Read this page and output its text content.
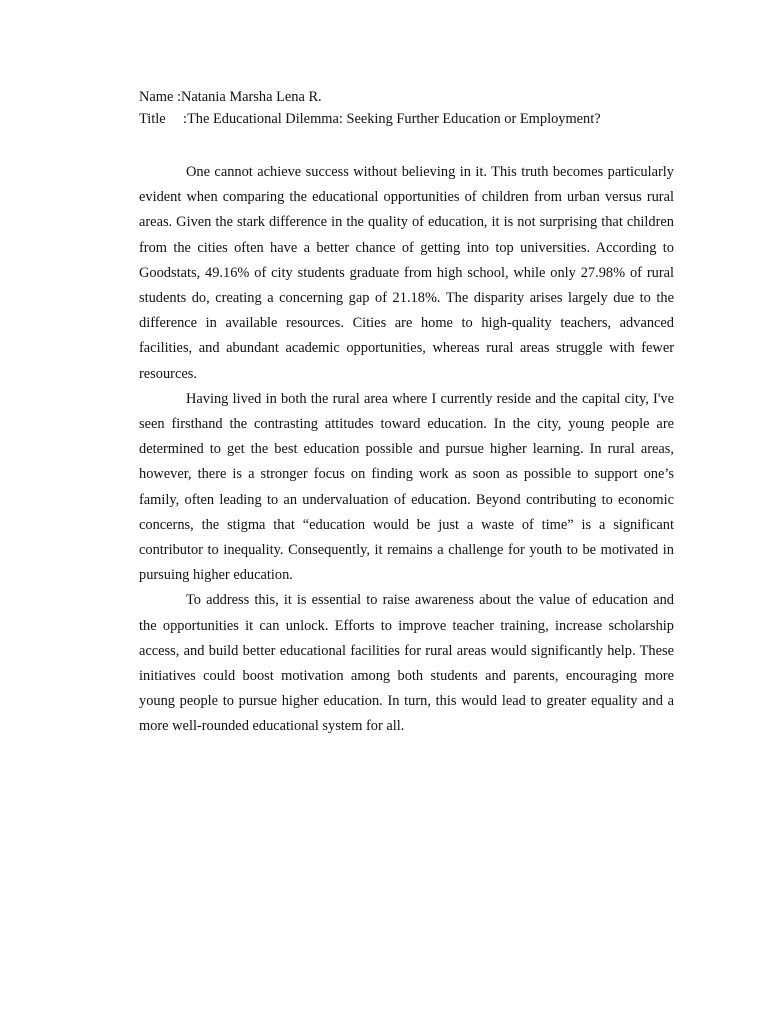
Name :Natania Marsha Lena R.

Title :The Educational Dilemma: Seeking Further Education or Employment?

One cannot achieve success without believing in it. This truth becomes particularly evident when comparing the educational opportunities of children from urban versus rural areas. Given the stark difference in the quality of education, it is not surprising that children from the cities often have a better chance of getting into top universities. According to Goodstats, 49.16% of city students graduate from high school, while only 27.98% of rural students do, creating a concerning gap of 21.18%. The disparity arises largely due to the difference in available resources. Cities are home to high-quality teachers, advanced facilities, and abundant academic opportunities, whereas rural areas struggle with fewer resources.

Having lived in both the rural area where I currently reside and the capital city, I've seen firsthand the contrasting attitudes toward education. In the city, young people are determined to get the best education possible and pursue higher learning. In rural areas, however, there is a stronger focus on finding work as soon as possible to support one’s family, often leading to an undervaluation of education. Beyond contributing to economic concerns, the stigma that “education would be just a waste of time” is a significant contributor to inequality. Consequently, it remains a challenge for youth to be motivated in pursuing higher education.

To address this, it is essential to raise awareness about the value of education and the opportunities it can unlock. Efforts to improve teacher training, increase scholarship access, and build better educational facilities for rural areas would significantly help. These initiatives could boost motivation among both students and parents, encouraging more young people to pursue higher education. In turn, this would lead to greater equality and a more well-rounded educational system for all.
